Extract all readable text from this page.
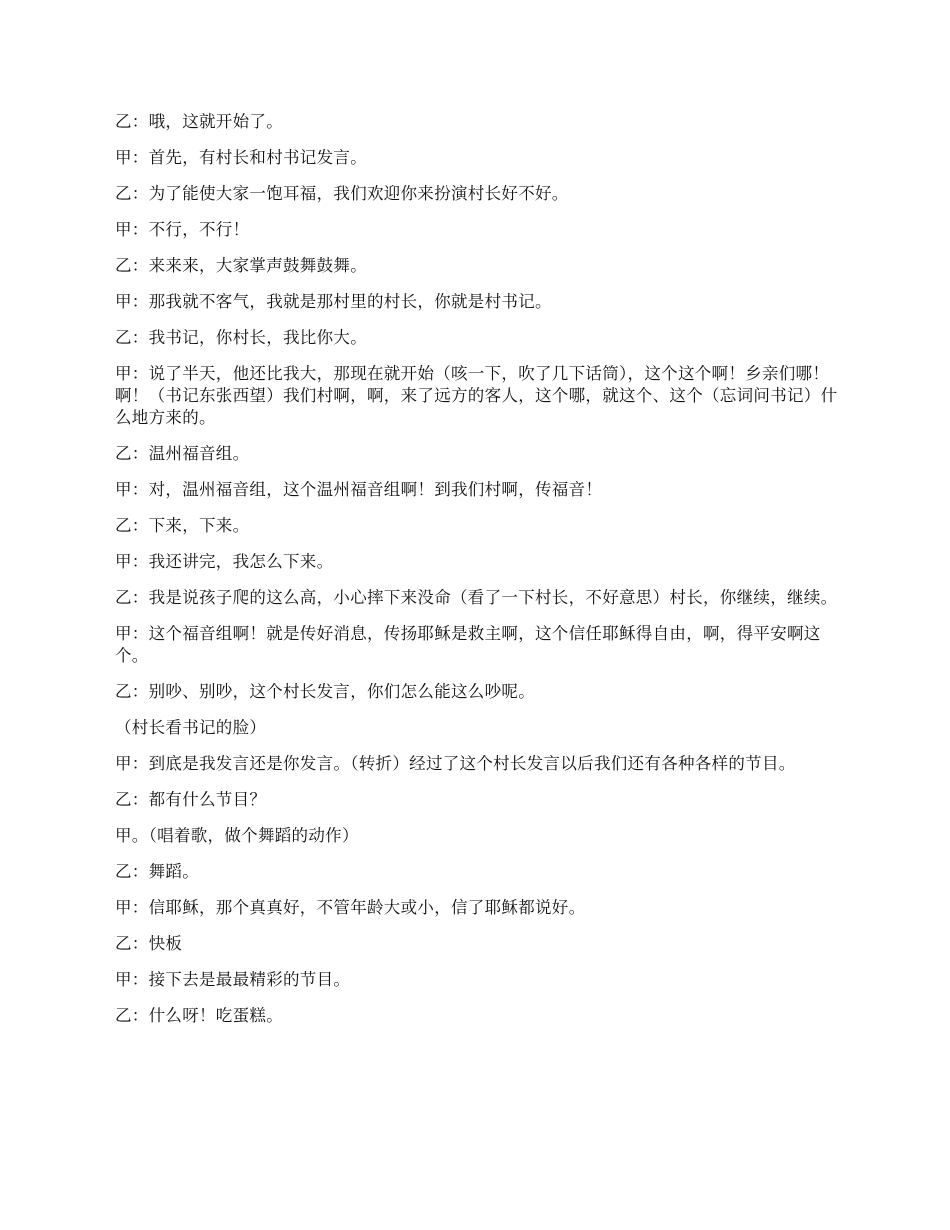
乙：哦，这就开始了。

甲：首先，有村长和村书记发言。

乙：为了能使大家一饱耳福，我们欢迎你来扮演村长好不好。

甲：不行，不行！

乙：来来来，大家掌声鼓舞鼓舞。

甲：那我就不客气，我就是那村里的村长，你就是村书记。

乙：我书记，你村长，我比你大。

甲：说了半天，他还比我大，那现在就开始（咳一下，吹了几下话筒），这个这个啊！乡亲们哪！啊！（书记东张西望）我们村啊，啊，来了远方的客人，这个哪，就这个、这个（忘词问书记）什么地方来的。

乙：温州福音组。

甲：对，温州福音组，这个温州福音组啊！到我们村啊，传福音！

乙：下来，下来。

甲：我还讲完，我怎么下来。

乙：我是说孩子爬的这么高，小心摔下来没命（看了一下村长，不好意思）村长，你继续，继续。

甲：这个福音组啊！就是传好消息，传扬耶稣是救主啊，这个信任耶稣得自由，啊，得平安啊这个。

乙：别吵、别吵，这个村长发言，你们怎么能这么吵呢。

（村长看书记的脸）

甲：到底是我发言还是你发言。（转折）经过了这个村长发言以后我们还有各种各样的节目。

乙：都有什么节目？

甲。（唱着歌，做个舞蹈的动作）

乙：舞蹈。

甲：信耶稣，那个真真好，不管年龄大或小，信了耶稣都说好。

乙：快板

甲：接下去是最最精彩的节目。

乙：什么呀！吃蛋糕。
